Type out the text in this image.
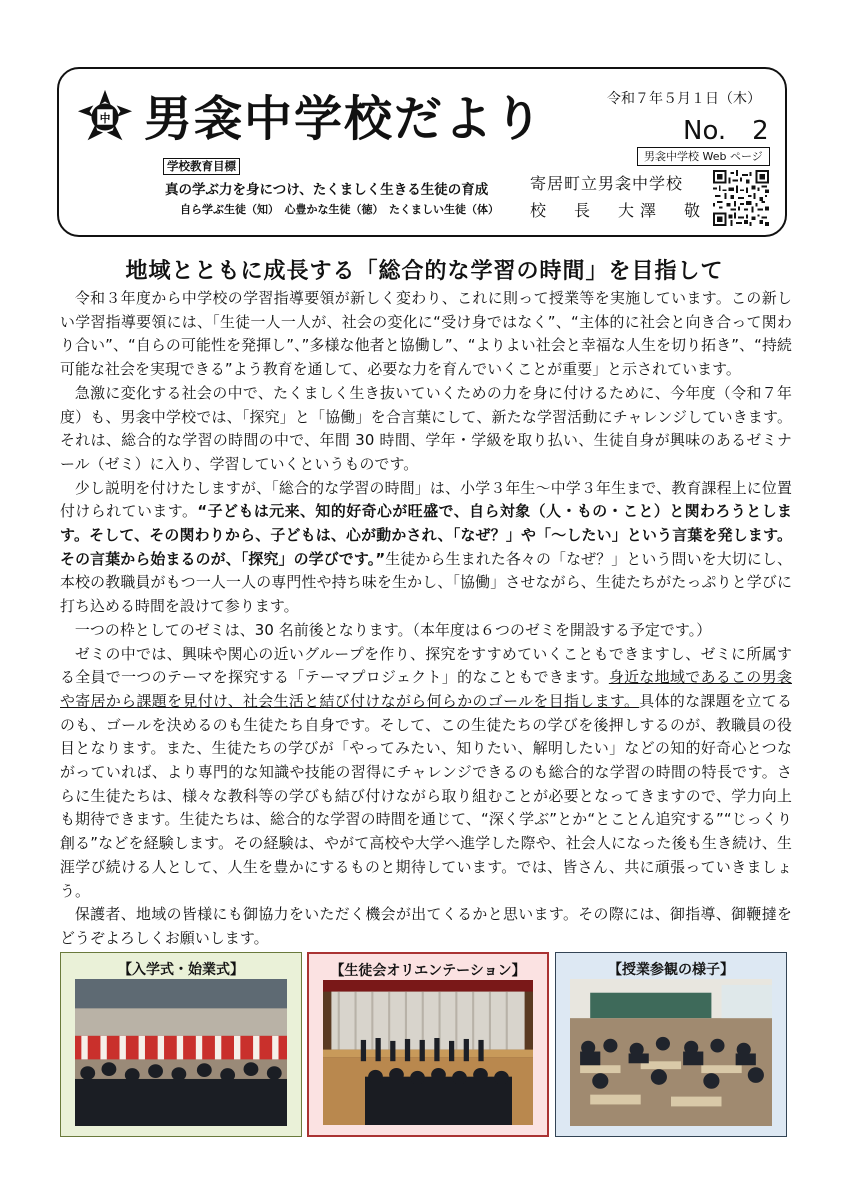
中 男衾中学校だより	令和７年５月１日（木）
No.　2
学校教育目標
真の学ぶ力を身につけ、たくましく生きる生徒の育成
自ら学ぶ生徒（知）　心豊かな生徒（徳）　たくましい生徒（体）
男衾中学校 Web ページ
寄居町立男衾中学校
校　長　大澤　敬
地域とともに成長する「総合的な学習の時間」を目指して

令和３年度から中学校の学習指導要領が新しく変わり、これに則って授業等を実施しています。この新しい学習指導要領には、「生徒一人一人が、社会の変化に“受け身ではなく”、“主体的に社会と向き合って関わり合い”、“自らの可能性を発揮し”、”多様な他者と協働し”、“よりよい社会と幸福な人生を切り拓き”、“持続可能な社会を実現できる”よう教育を通して、必要な力を育んでいくことが重要」と示されています。

急激に変化する社会の中で、たくましく生き抜いていくための力を身に付けるために、今年度（令和７年度）も、男衾中学校では、「探究」と「協働」を合言葉にして、新たな学習活動にチャレンジしていきます。それは、総合的な学習の時間の中で、年間 30 時間、学年・学級を取り払い、生徒自身が興味のあるゼミナール（ゼミ）に入り、学習していくというものです。

少し説明を付けたしますが、「総合的な学習の時間」は、小学３年生～中学３年生まで、教育課程上に位置付けられています。“子どもは元来、知的好奇心が旺盛で、自ら対象（人・もの・こと）と関わろうとします。そして、その関わりから、子どもは、心が動かされ、「なぜ？」や「～したい」という言葉を発します。その言葉から始まるのが、「探究」の学びです。”生徒から生まれた各々の「なぜ？」という問いを大切にし、本校の教職員がもつ一人一人の専門性や持ち味を生かし、「協働」させながら、生徒たちがたっぷりと学びに打ち込める時間を設けて参ります。

一つの枠としてのゼミは、30 名前後となります。（本年度は６つのゼミを開設する予定です。）

ゼミの中では、興味や関心の近いグループを作り、探究をすすめていくこともできますし、ゼミに所属する全員で一つのテーマを探究する「テーマプロジェクト」的なこともできます。身近な地域であるこの男衾や寄居から課題を見付け、社会生活と結び付けながら何らかのゴールを目指します。具体的な課題を立てるのも、ゴールを決めるのも生徒たち自身です。そして、この生徒たちの学びを後押しするのが、教職員の役目となります。また、生徒たちの学びが「やってみたい、知りたい、解明したい」などの知的好奇心とつながっていれば、より専門的な知識や技能の習得にチャレンジできるのも総合的な学習の時間の特長です。さらに生徒たちは、様々な教科等の学びも結び付けながら取り組むことが必要となってきますので、学力向上も期待できます。生徒たちは、総合的な学習の時間を通じて、“深く学ぶ”とか“とことん追究する”“じっくり創る”などを経験します。その経験は、やがて高校や大学へ進学した際や、社会人になった後も生き続け、生涯学び続ける人として、人生を豊かにするものと期待しています。では、皆さん、共に頑張っていきましょう。

保護者、地域の皆様にも御協力をいただく機会が出てくるかと思います。その際には、御指導、御鞭撻をどうぞよろしくお願いします。

【入学式・始業式】	【生徒会オリエンテーション】	【授業参観の様子】
